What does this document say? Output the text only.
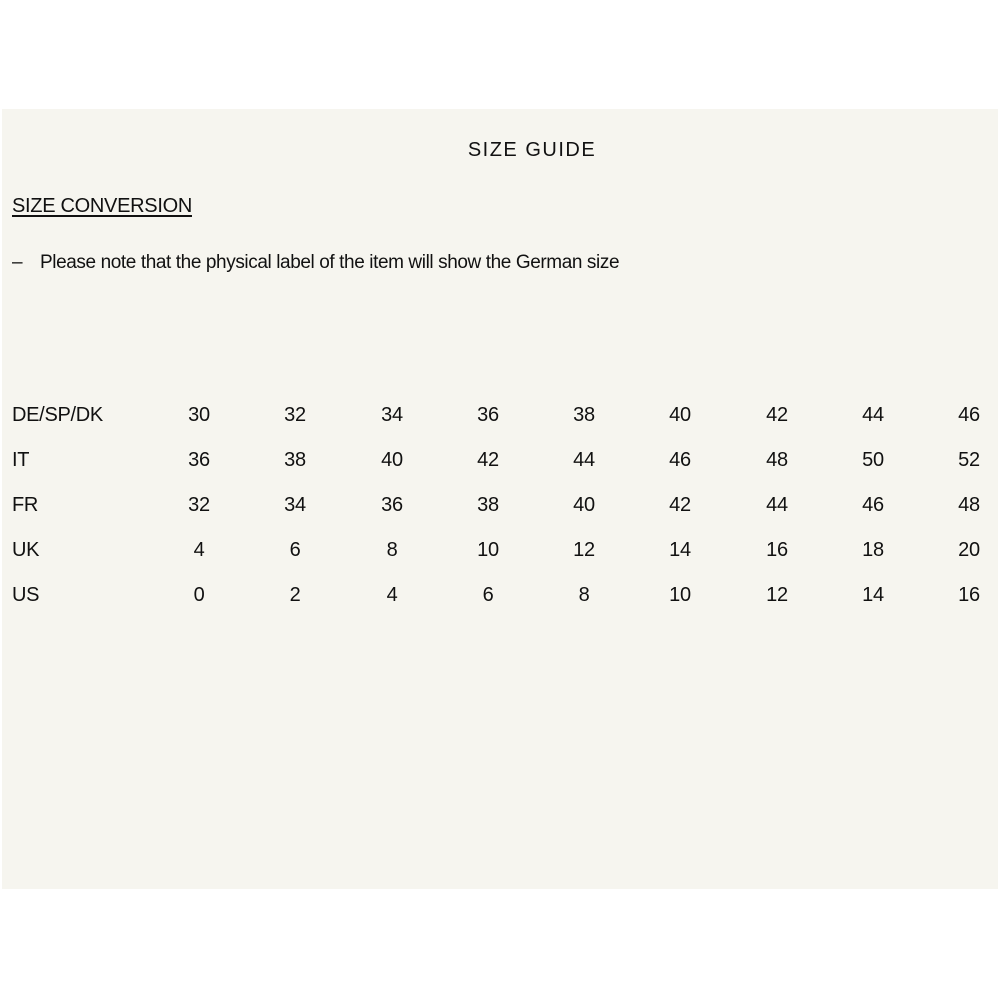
SIZE GUIDE
SIZE CONVERSION
– Please note that the physical label of the item will show the German size
DE/SP/DK	30	32	34	36	38	40	42	44	46
IT	36	38	40	42	44	46	48	50	52
FR	32	34	36	38	40	42	44	46	48
UK	4	6	8	10	12	14	16	18	20
US	0	2	4	6	8	10	12	14	16
